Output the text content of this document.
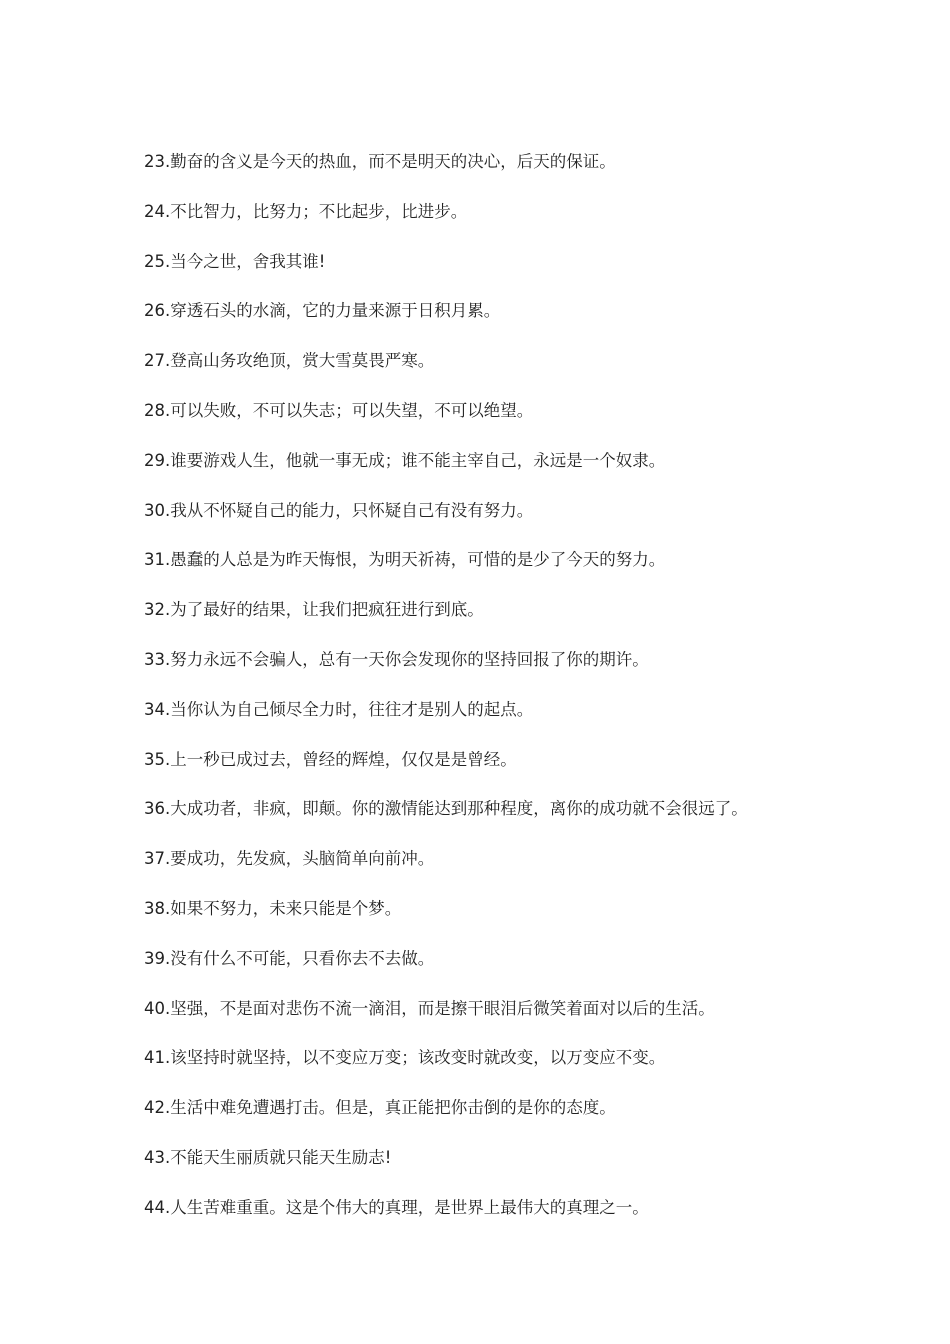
23.勤奋的含义是今天的热血，而不是明天的决心，后天的保证。
24.不比智力，比努力；不比起步，比进步。
25.当今之世，舍我其谁!
26.穿透石头的水滴，它的力量来源于日积月累。
27.登高山务攻绝顶，赏大雪莫畏严寒。
28.可以失败，不可以失志；可以失望，不可以绝望。
29.谁要游戏人生，他就一事无成；谁不能主宰自己，永远是一个奴隶。
30.我从不怀疑自己的能力，只怀疑自己有没有努力。
31.愚蠢的人总是为昨天悔恨，为明天祈祷，可惜的是少了今天的努力。
32.为了最好的结果，让我们把疯狂进行到底。
33.努力永远不会骗人，总有一天你会发现你的坚持回报了你的期许。
34.当你认为自己倾尽全力时，往往才是别人的起点。
35.上一秒已成过去，曾经的辉煌，仅仅是是曾经。
36.大成功者，非疯，即颠。你的激情能达到那种程度，离你的成功就不会很远了。
37.要成功，先发疯，头脑简单向前冲。
38.如果不努力，未来只能是个梦。
39.没有什么不可能，只看你去不去做。
40.坚强，不是面对悲伤不流一滴泪，而是擦干眼泪后微笑着面对以后的生活。
41.该坚持时就坚持，以不变应万变；该改变时就改变，以万变应不变。
42.生活中难免遭遇打击。但是，真正能把你击倒的是你的态度。
43.不能天生丽质就只能天生励志!
44.人生苦难重重。这是个伟大的真理，是世界上最伟大的真理之一。
